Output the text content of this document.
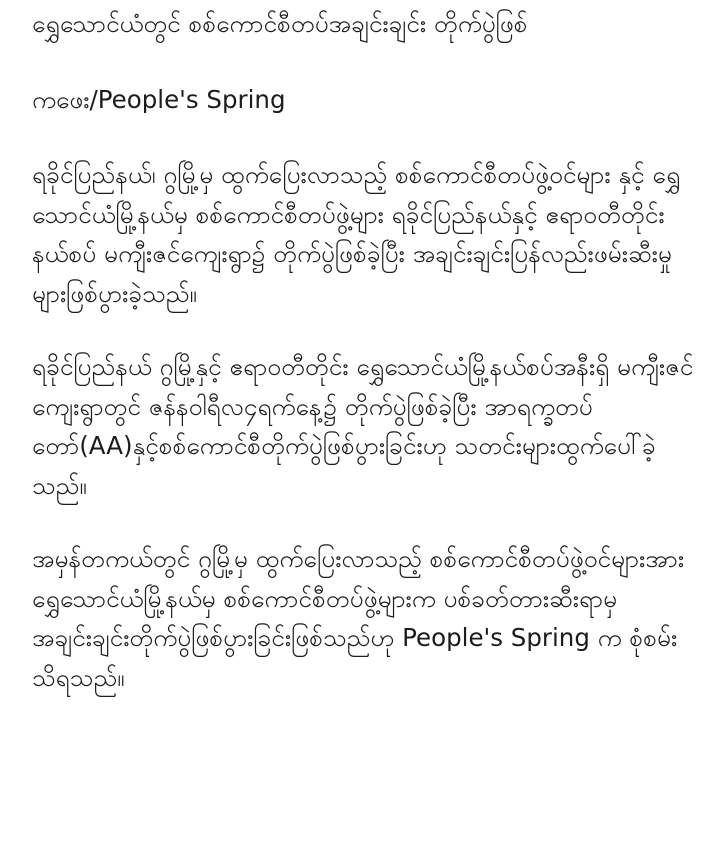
ရွှေသောင်ယံတွင် စစ်ကောင်စီတပ်အချင်းချင်း တိုက်ပွဲဖြစ်

ကဖေး/People's Spring

ရခိုင်ပြည်နယ်၊ ဂွမြို့မှ ထွက်ပြေးလာသည့် စစ်ကောင်စီတပ်ဖွဲ့ဝင်များ နှင့် ရွှေသောင်ယံမြို့နယ်မှ စစ်ကောင်စီတပ်ဖွဲ့များ ရခိုင်ပြည်နယ်နှင့် ဧရာဝတီတိုင်းနယ်စပ် မကျီးဇင်ကျေးရွာ၌ တိုက်ပွဲဖြစ်ခဲ့ပြီး အချင်းချင်းပြန်လည်းဖမ်းဆီးမှုများဖြစ်ပွားခဲ့သည်။

ရခိုင်ပြည်နယ် ဂွမြို့နှင့် ဧရာဝတီတိုင်း ရွှေသောင်ယံမြို့နယ်စပ်အနီးရှိ မကျီးဇင်ကျေးရွာတွင် ဇန်နဝါရီလ၄ရက်နေ့၌ တိုက်ပွဲဖြစ်ခဲ့ပြီး အာရက္ခတပ်တော်(AA)နှင့်စစ်ကောင်စီတိုက်ပွဲဖြစ်ပွားခြင်းဟု သတင်းများထွက်ပေါ်ခဲ့သည်။

အမှန်တကယ်တွင် ဂွမြို့မှ ထွက်ပြေးလာသည့် စစ်ကောင်စီတပ်ဖွဲ့ဝင်များအား ရွှေသောင်ယံမြို့နယ်မှ စစ်ကောင်စီတပ်ဖွဲ့များက ပစ်ခတ်တားဆီးရာမှ အချင်းချင်းတိုက်ပွဲဖြစ်ပွားခြင်းဖြစ်သည်ဟု People's Spring က စုံစမ်းသိရသည်။
